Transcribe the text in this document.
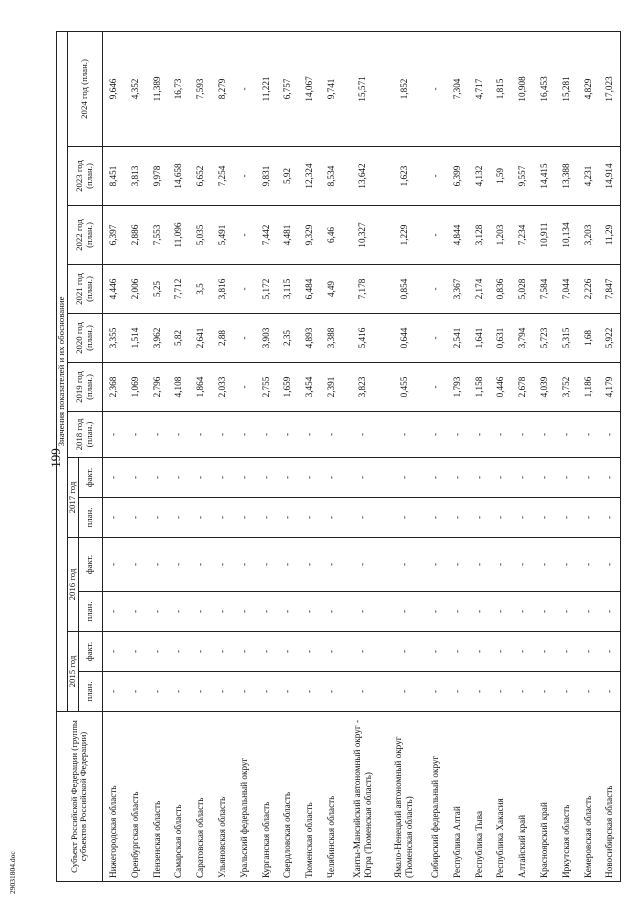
199
29031804.doc	Субъект Российской Федерации (группы субъектов Российской Федерации)	Значения показателей и их обоснование												
	2015 год		2016 год		2017 год		2018 год (план.)	2019 год (план.)	2020 год (план.)	2021 год (план.)	2022 год (план.)	2023 год (план.)	2024 год (план.)
	план.	факт.	план.	факт.	план.	факт.							
Нижегородская область	-	-	-	-	-	-	-	2,368	3,355	4,446	6,397	8,451	9,646
Оренбургская область	-	-	-	-	-	-	-	1,069	1,514	2,006	2,886	3,813	4,352
Пензенская область	-	-	-	-	-	-	-	2,796	3,962	5,25	7,553	9,978	11,389
Самарская область	-	-	-	-	-	-	-	4,108	5,82	7,712	11,096	14,658	16,73
Саратовская область	-	-	-	-	-	-	-	1,864	2,641	3,5	5,035	6,652	7,593
Ульяновская область	-	-	-	-	-	-	-	2,033	2,88	3,816	5,491	7,254	8,279
Уральский федеральный округ	-	-	-	-	-	-	-	-	-	-	-	-	-
Курганская область	-	-	-	-	-	-	-	2,755	3,903	5,172	7,442	9,831	11,221
Свердловская область	-	-	-	-	-	-	-	1,659	2,35	3,115	4,481	5,92	6,757
Тюменская область	-	-	-	-	-	-	-	3,454	4,893	6,484	9,329	12,324	14,067
Челябинская область	-	-	-	-	-	-	-	2,391	3,388	4,49	6,46	8,534	9,741
Ханты-Мансийский автономный округ - Югра (Тюменская область)	-	-	-	-	-	-	-	3,823	5,416	7,178	10,327	13,642	15,571
Ямало-Ненецкий автономный округ (Тюменская область)	-	-	-	-	-	-	-	0,455	0,644	0,854	1,229	1,623	1,852
Сибирский федеральный округ	-	-	-	-	-	-	-	-	-	-	-	-	-
Республика Алтай	-	-	-	-	-	-	-	1,793	2,541	3,367	4,844	6,399	7,304
Республика Тыва	-	-	-	-	-	-	-	1,158	1,641	2,174	3,128	4,132	4,717
Республика Хакасия	-	-	-	-	-	-	-	0,446	0,631	0,836	1,203	1,59	1,815
Алтайский край	-	-	-	-	-	-	-	2,678	3,794	5,028	7,234	9,557	10,908
Красноярский край	-	-	-	-	-	-	-	4,039	5,723	7,584	10,911	14,415	16,453
Иркутская область	-	-	-	-	-	-	-	3,752	5,315	7,044	10,134	13,388	15,281
Кемеровская область	-	-	-	-	-	-	-	1,186	1,68	2,226	3,203	4,231	4,829
Новосибирская область	-	-	-	-	-	-	-	4,179	5,922	7,847	11,29	14,914	17,023
